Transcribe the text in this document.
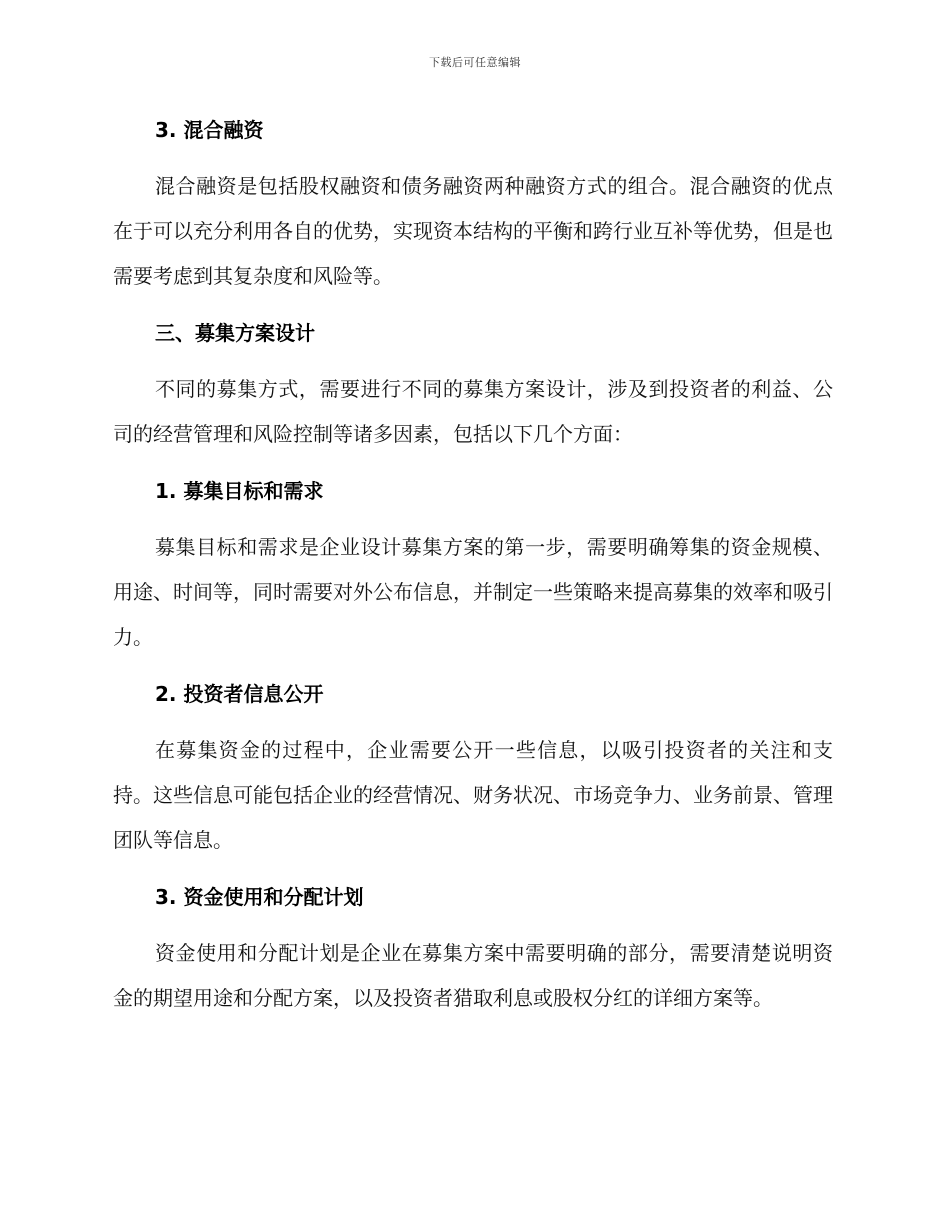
下载后可任意编辑
3. 混合融资

混合融资是包括股权融资和债务融资两种融资方式的组合。混合融资的优点在于可以充分利用各自的优势，实现资本结构的平衡和跨行业互补等优势，但是也需要考虑到其复杂度和风险等。

三、募集方案设计

不同的募集方式，需要进行不同的募集方案设计，涉及到投资者的利益、公司的经营管理和风险控制等诸多因素，包括以下几个方面：

1. 募集目标和需求

募集目标和需求是企业设计募集方案的第一步，需要明确筹集的资金规模、用途、时间等，同时需要对外公布信息，并制定一些策略来提高募集的效率和吸引力。

2. 投资者信息公开

在募集资金的过程中，企业需要公开一些信息，以吸引投资者的关注和支持。这些信息可能包括企业的经营情况、财务状况、市场竞争力、业务前景、管理团队等信息。

3. 资金使用和分配计划

资金使用和分配计划是企业在募集方案中需要明确的部分，需要清楚说明资金的期望用途和分配方案，以及投资者猎取利息或股权分红的详细方案等。
